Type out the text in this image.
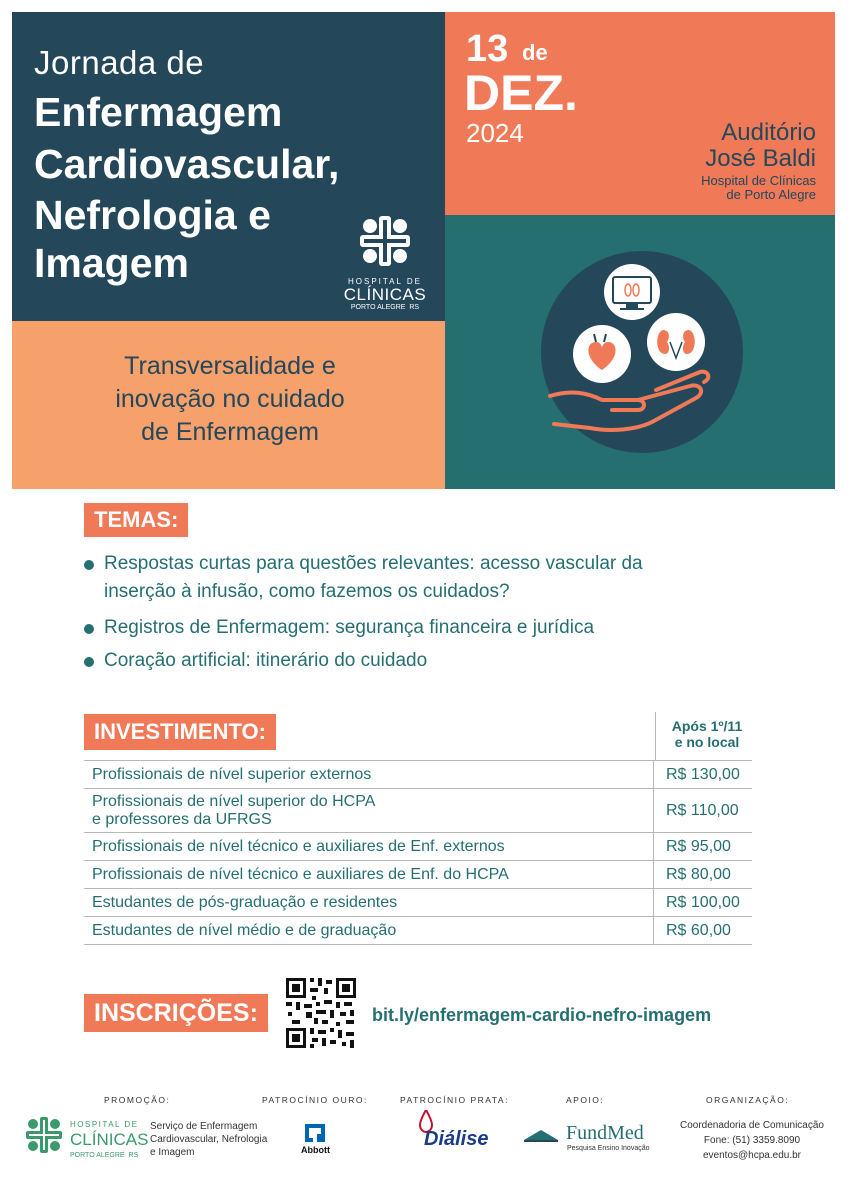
Jornada de
Enfermagem
Cardiovascular,
Nefrologia e
Imagem	HOSPITAL DE
CLÍNICAS
PORTO ALEGRE RS
Transversalidade e
inovação no cuidado
de Enfermagem
13 de
DEZ.
2024	Auditório
José Baldi
Hospital de Clínicas
de Porto Alegre
TEMAS:
Respostas curtas para questões relevantes: acesso vascular da
inserção à infusão, como fazemos os cuidados?
Registros de Enfermagem: segurança financeira e jurídica
Coração artificial: itinerário do cuidado
INVESTIMENTO:	Após 1º/11
e no local
Profissionais de nível superior externos	R$ 130,00

Profissionais de nível superior do HCPA
e professores da UFRGS	R$ 110,00
Profissionais de nível técnico e auxiliares de Enf. externos	R$ 95,00
Profissionais de nível técnico e auxiliares de Enf. do HCPA	R$ 80,00
Estudantes de pós-graduação e residentes	R$ 100,00
Estudantes de nível médio e de graduação	R$ 60,00
INSCRIÇÕES:	bit.ly/enfermagem-cardio-nefro-imagem
PROMOÇÃO:	PATROCÍNIO OURO:	PATROCÍNIO PRATA:	APOIO:	ORGANIZAÇÃO:
HOSPITAL DE
CLÍNICAS
PORTO ALEGRE RS
Serviço de Enfermagem
Cardiovascular, Nefrologia
e Imagem	Abbott	Diálise	FundMed
Pesquisa Ensino Inovação
Coordenadoria de Comunicação
Fone: (51) 3359.8090
eventos@hcpa.edu.br
